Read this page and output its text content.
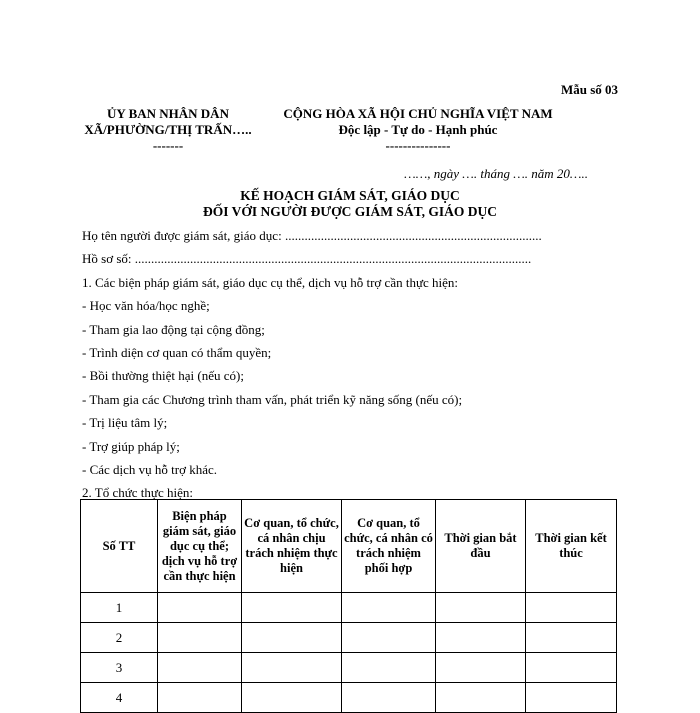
Mẫu số 03
ỦY BAN NHÂN DÂN
XÃ/PHƯỜNG/THỊ TRẤN…..
-------
CỘNG HÒA XÃ HỘI CHỦ NGHĨA VIỆT NAM
Độc lập - Tự do - Hạnh phúc
---------------
……, ngày …. tháng …. năm 20…..
KẾ HOẠCH GIÁM SÁT, GIÁO DỤC
ĐỐI VỚI NGƯỜI ĐƯỢC GIÁM SÁT, GIÁO DỤC
Họ tên người được giám sát, giáo dục: ...............................................................................
Hồ sơ số: ..........................................................................................................................
1. Các biện pháp giám sát, giáo dục cụ thể, dịch vụ hỗ trợ cần thực hiện:
- Học văn hóa/học nghề;
- Tham gia lao động tại cộng đồng;
- Trình diện cơ quan có thẩm quyền;
- Bồi thường thiệt hại (nếu có);
- Tham gia các Chương trình tham vấn, phát triển kỹ năng sống (nếu có);
- Trị liệu tâm lý;
- Trợ giúp pháp lý;
- Các dịch vụ hỗ trợ khác.
2. Tổ chức thực hiện:
Số TT	Biện pháp giám sát, giáo dục cụ thể; dịch vụ hỗ trợ cần thực hiện	Cơ quan, tổ chức, cá nhân chịu trách nhiệm thực hiện	Cơ quan, tổ chức, cá nhân có trách nhiệm phối hợp	Thời gian bắt đầu	Thời gian kết thúc
1					
2					
3					
4					
